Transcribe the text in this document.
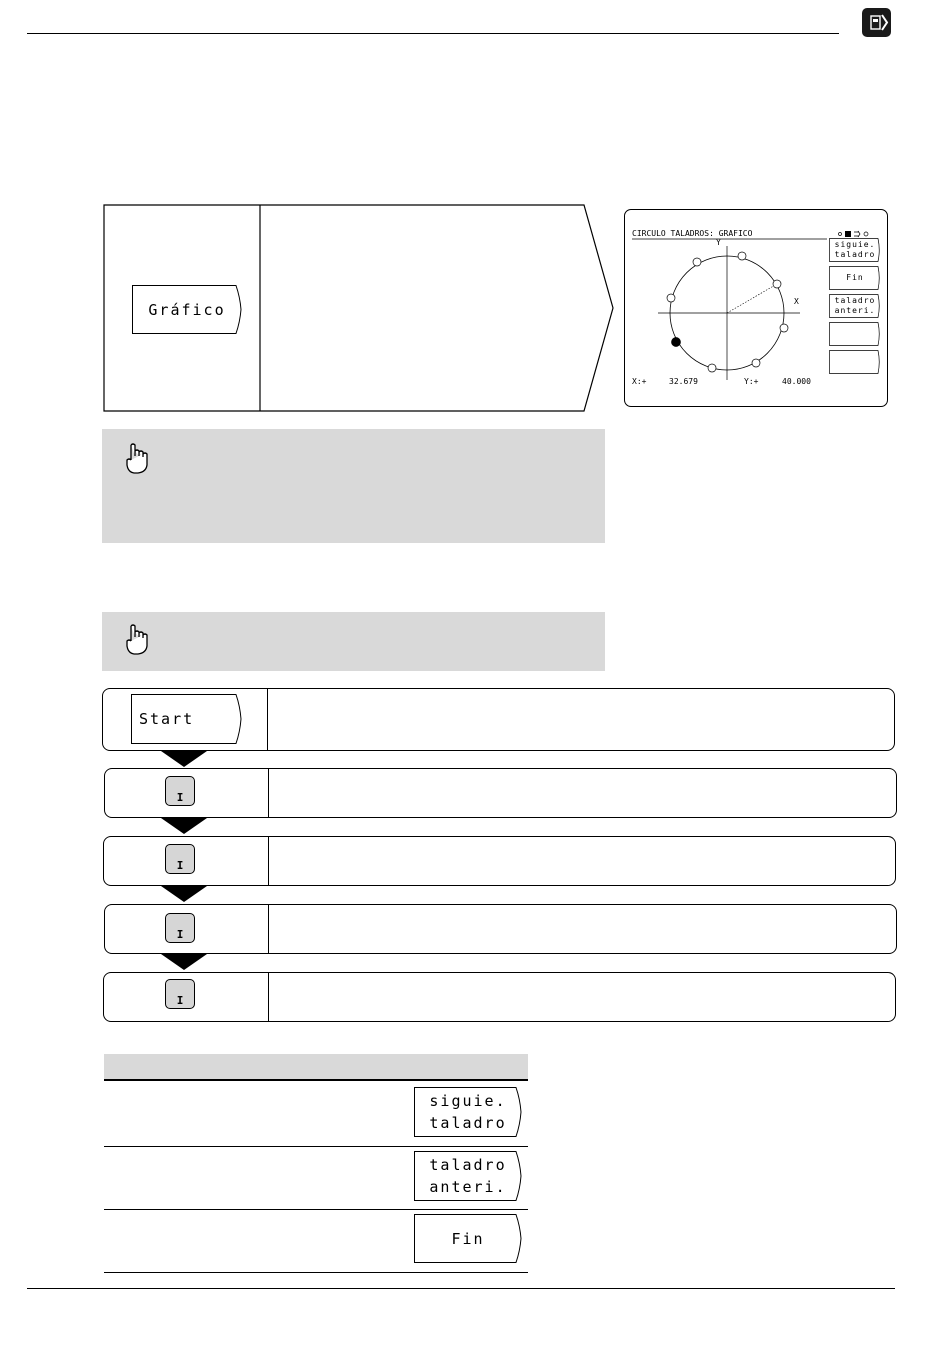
Gráfico
CIRCULO TALADROS: GRAFICO
X
Y
X:+	32.679	Y:+	40.000
siguie.
taladro
Fin
taladro
anteri.
Start
I
I
I
I
siguie.
taladro
taladro
anteri.
Fin
